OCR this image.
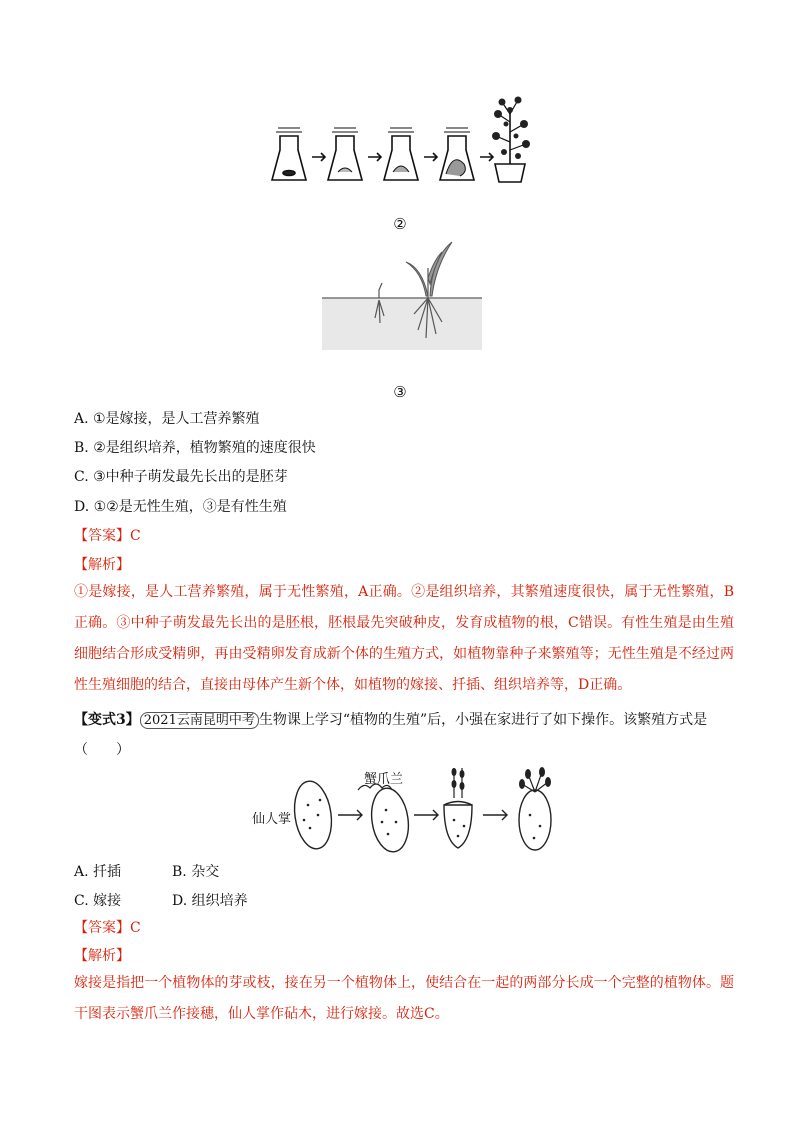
②
③
A. ①是嫁接，是人工营养繁殖
B. ②是组织培养，植物繁殖的速度很快
C. ③中种子萌发最先长出的是胚芽
D. ①②是无性生殖，③是有性生殖
【答案】C
【解析】
①是嫁接，是人工营养繁殖，属于无性繁殖，A正确。②是组织培养，其繁殖速度很快，属于无性繁殖，B正确。③中种子萌发最先长出的是胚根，胚根最先突破种皮，发育成植物的根，C错误。有性生殖是由生殖细胞结合形成受精卵，再由受精卵发育成新个体的生殖方式，如植物靠种子来繁殖等；无性生殖是不经过两性生殖细胞的结合，直接由母体产生新个体，如植物的嫁接、扦插、组织培养等，D正确。
【变式3】 2021云南昆明中考 生物课上学习“植物的生殖”后，小强在家进行了如下操作。该繁殖方式是
（　　）
仙人掌
蟹爪兰
A. 扦插	B. 杂交
C. 嫁接	D. 组织培养
【答案】C
【解析】
嫁接是指把一个植物体的芽或枝，接在另一个植物体上，使结合在一起的两部分长成一个完整的植物体。题干图表示蟹爪兰作接穗，仙人掌作砧木，进行嫁接。故选C。
